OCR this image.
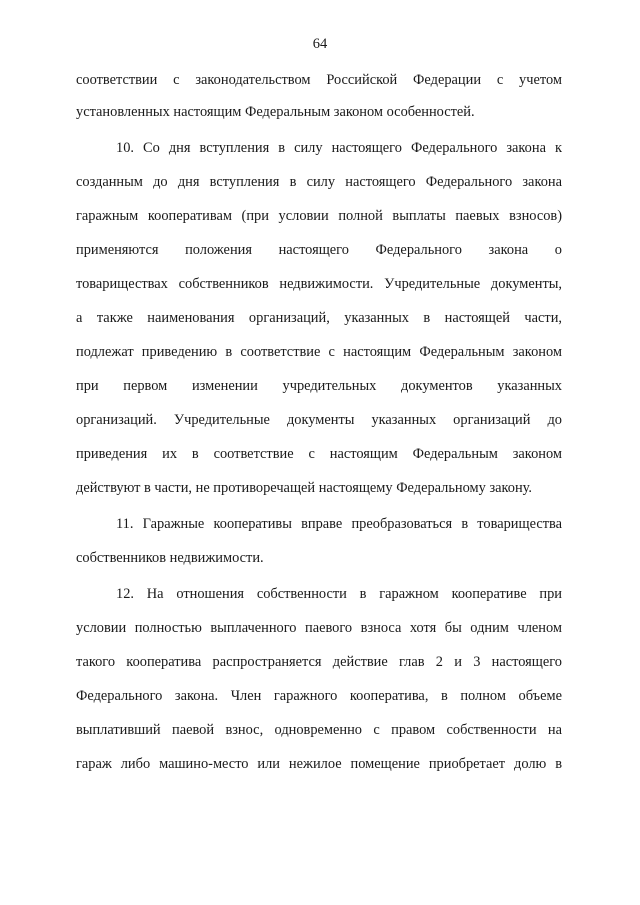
64
соответствии с законодательством Российской Федерации с учетом
установленных настоящим Федеральным законом особенностей.
10. Со дня вступления в силу настоящего Федерального закона к
созданным до дня вступления в силу настоящего Федерального закона
гаражным кооперативам (при условии полной выплаты паевых взносов)
применяются положения настоящего Федерального закона о
товариществах собственников недвижимости. Учредительные документы,
а также наименования организаций, указанных в настоящей части,
подлежат приведению в соответствие с настоящим Федеральным законом
при первом изменении учредительных документов указанных
организаций. Учредительные документы указанных организаций до
приведения их в соответствие с настоящим Федеральным законом
действуют в части, не противоречащей настоящему Федеральному закону.
11. Гаражные кооперативы вправе преобразоваться в товарищества
собственников недвижимости.
12. На отношения собственности в гаражном кооперативе при
условии полностью выплаченного паевого взноса хотя бы одним членом
такого кооператива распространяется действие глав 2 и 3 настоящего
Федерального закона. Член гаражного кооператива, в полном объеме
выплативший паевой взнос, одновременно с правом собственности на
гараж либо машино-место или нежилое помещение приобретает долю в
